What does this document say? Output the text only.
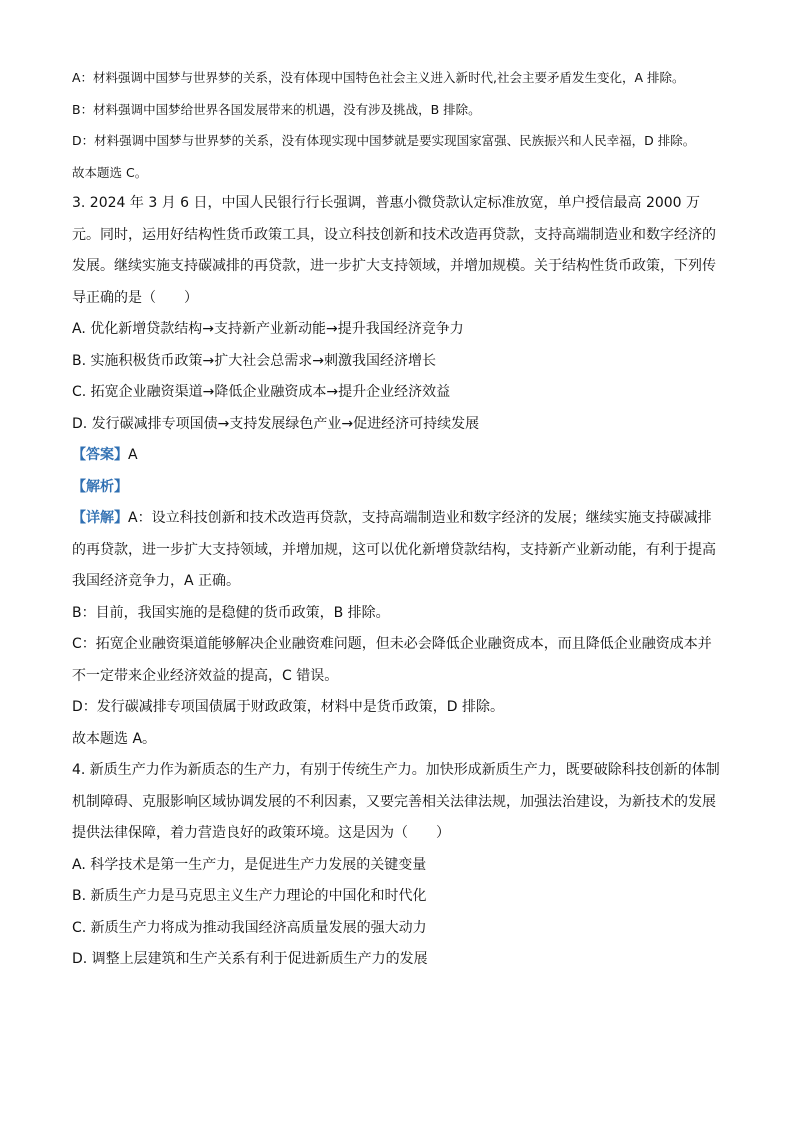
A：材料强调中国梦与世界梦的关系，没有体现中国特色社会主义进入新时代,社会主要矛盾发生变化，A 排除。

B：材料强调中国梦给世界各国发展带来的机遇，没有涉及挑战，B 排除。

D：材料强调中国梦与世界梦的关系，没有体现实现中国梦就是要实现国家富强、民族振兴和人民幸福，D 排除。

故本题选 C。

3. 2024 年 3 月 6 日，中国人民银行行长强调，普惠小微贷款认定标准放宽，单户授信最高 2000 万元。同时，运用好结构性货币政策工具，设立科技创新和技术改造再贷款，支持高端制造业和数字经济的发展。继续实施支持碳减排的再贷款，进一步扩大支持领域，并增加规模。关于结构性货币政策，下列传导正确的是（　　）

A. 优化新增贷款结构→支持新产业新动能→提升我国经济竞争力

B. 实施积极货币政策→扩大社会总需求→刺激我国经济增长

C. 拓宽企业融资渠道→降低企业融资成本→提升企业经济效益

D. 发行碳减排专项国债→支持发展绿色产业→促进经济可持续发展

【答案】A

【解析】

【详解】A：设立科技创新和技术改造再贷款，支持高端制造业和数字经济的发展；继续实施支持碳减排的再贷款，进一步扩大支持领域，并增加规，这可以优化新增贷款结构，支持新产业新动能，有利于提高我国经济竞争力，A 正确。

B：目前，我国实施的是稳健的货币政策，B 排除。

C：拓宽企业融资渠道能够解决企业融资难问题，但未必会降低企业融资成本，而且降低企业融资成本并不一定带来企业经济效益的提高，C 错误。

D：发行碳减排专项国债属于财政政策，材料中是货币政策，D 排除。

故本题选 A。

4. 新质生产力作为新质态的生产力，有别于传统生产力。加快形成新质生产力，既要破除科技创新的体制机制障碍、克服影响区域协调发展的不利因素，又要完善相关法律法规，加强法治建设，为新技术的发展提供法律保障，着力营造良好的政策环境。这是因为（　　）

A. 科学技术是第一生产力，是促进生产力发展的关键变量

B. 新质生产力是马克思主义生产力理论的中国化和时代化

C. 新质生产力将成为推动我国经济高质量发展的强大动力

D. 调整上层建筑和生产关系有利于促进新质生产力的发展
